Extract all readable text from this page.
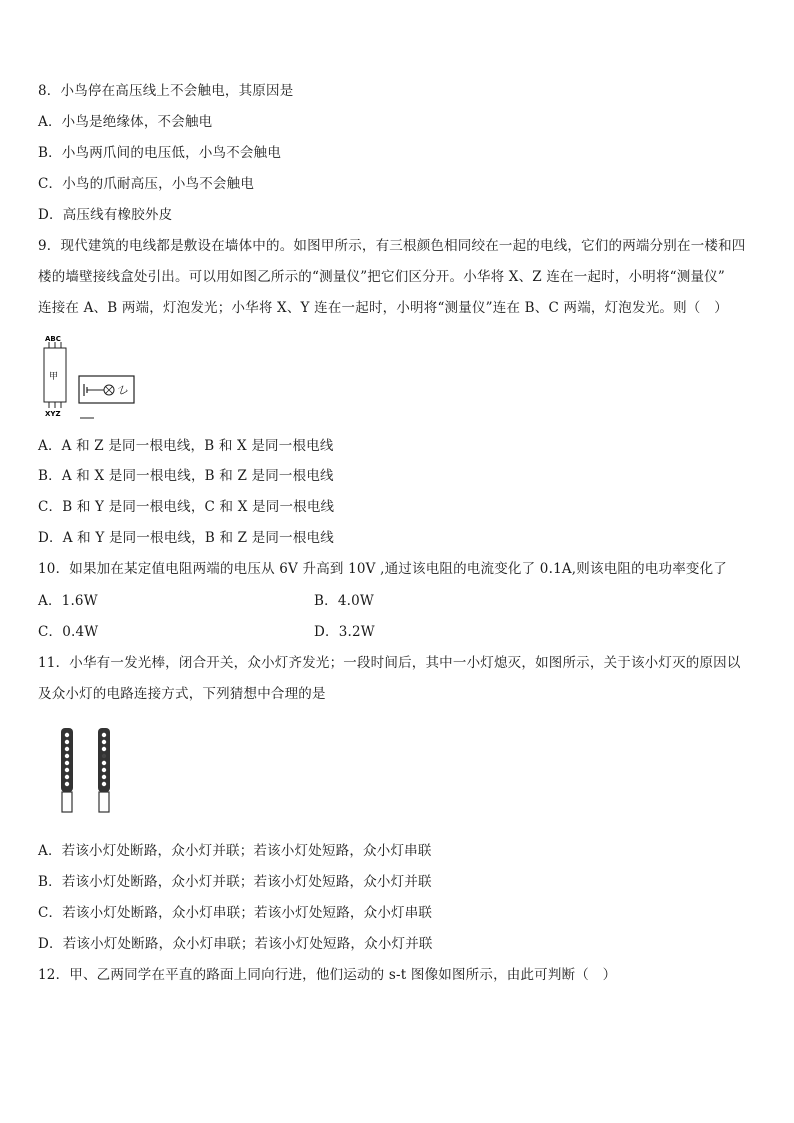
8．小鸟停在高压线上不会触电，其原因是
A．小鸟是绝缘体，不会触电
B．小鸟两爪间的电压低，小鸟不会触电
C．小鸟的爪耐高压，小鸟不会触电
D．高压线有橡胶外皮
9．现代建筑的电线都是敷设在墙体中的。如图甲所示，有三根颜色相同绞在一起的电线，它们的两端分别在一楼和四
楼的墙壁接线盒处引出。可以用如图乙所示的“测量仪”把它们区分开。小华将 X、Z 连在一起时，小明将“测量仪”
连接在 A、B 两端，灯泡发光；小华将 X、Y 连在一起时，小明将“测量仪”连在 B、C 两端，灯泡发光。则（　）
ABC
甲
XYZ
乙
A．A 和 Z 是同一根电线，B 和 X 是同一根电线
B．A 和 X 是同一根电线，B 和 Z 是同一根电线
C．B 和 Y 是同一根电线，C 和 X 是同一根电线
D．A 和 Y 是同一根电线，B 和 Z 是同一根电线
10．如果加在某定值电阻两端的电压从 6V 升高到 10V ,通过该电阻的电流变化了 0.1A,则该电阻的电功率变化了
A．1.6W	B．4.0W
C．0.4W	D．3.2W
11．小华有一发光棒，闭合开关，众小灯齐发光；一段时间后，其中一小灯熄灭，如图所示，关于该小灯灭的原因以
及众小灯的电路连接方式，下列猜想中合理的是
A．若该小灯处断路，众小灯并联；若该小灯处短路，众小灯串联
B．若该小灯处断路，众小灯并联；若该小灯处短路，众小灯并联
C．若该小灯处断路，众小灯串联；若该小灯处短路，众小灯串联
D．若该小灯处断路，众小灯串联；若该小灯处短路，众小灯并联
12．甲、乙两同学在平直的路面上同向行进，他们运动的 s-t 图像如图所示，由此可判断（　）
